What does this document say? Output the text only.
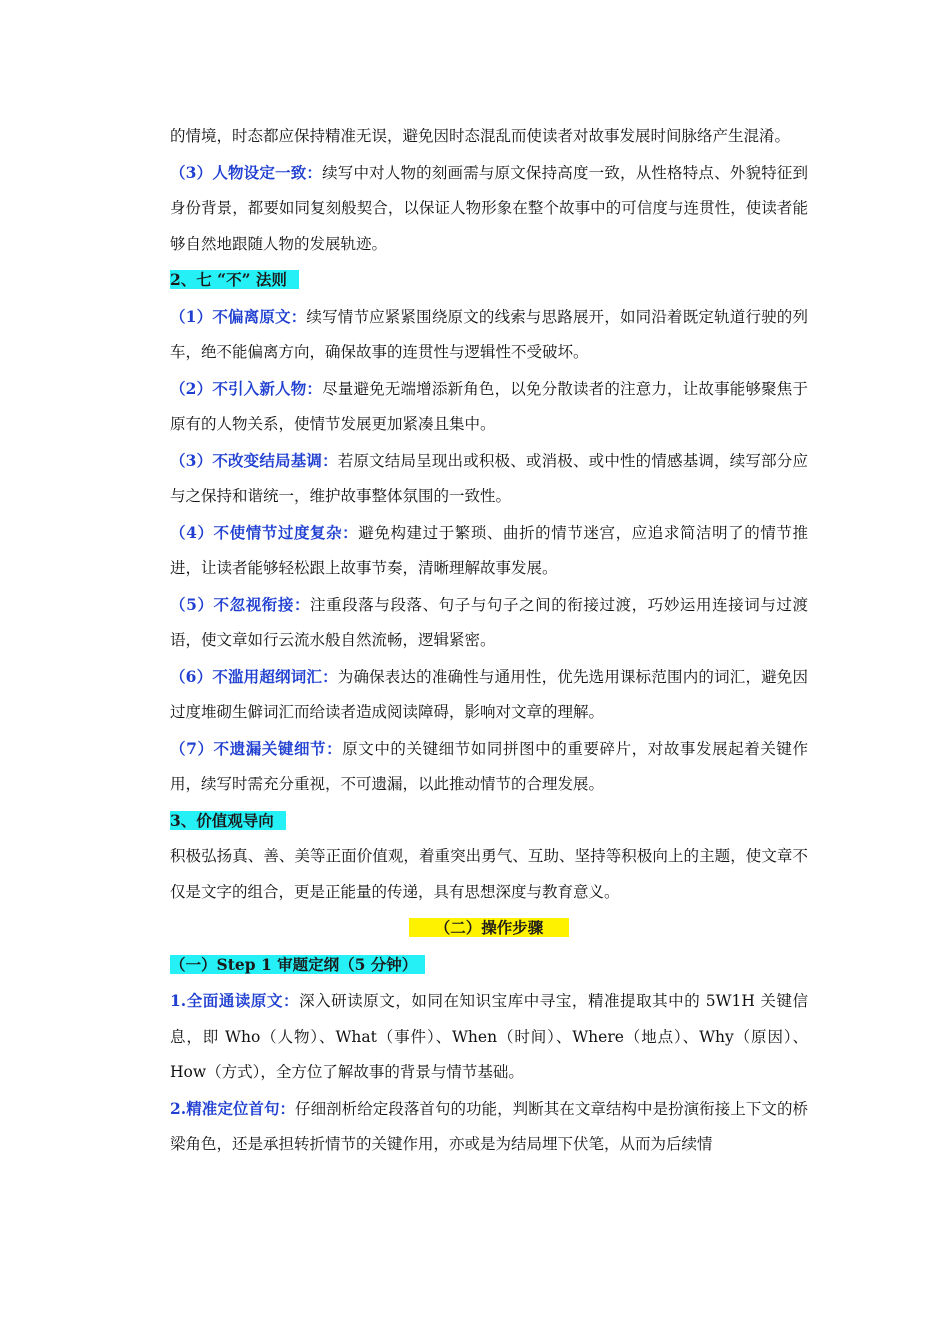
的情境，时态都应保持精准无误，避免因时态混乱而使读者对故事发展时间脉络产生混淆。

（3）人物设定一致：续写中对人物的刻画需与原文保持高度一致，从性格特点、外貌特征到身份背景，都要如同复刻般契合，以保证人物形象在整个故事中的可信度与连贯性，使读者能够自然地跟随人物的发展轨迹。

2、七 “不” 法则

（1）不偏离原文：续写情节应紧紧围绕原文的线索与思路展开，如同沿着既定轨道行驶的列车，绝不能偏离方向，确保故事的连贯性与逻辑性不受破坏。

（2）不引入新人物：尽量避免无端增添新角色，以免分散读者的注意力，让故事能够聚焦于原有的人物关系，使情节发展更加紧凑且集中。

（3）不改变结局基调：若原文结局呈现出或积极、或消极、或中性的情感基调，续写部分应与之保持和谐统一，维护故事整体氛围的一致性。

（4）不使情节过度复杂：避免构建过于繁琐、曲折的情节迷宫，应追求简洁明了的情节推进，让读者能够轻松跟上故事节奏，清晰理解故事发展。

（5）不忽视衔接：注重段落与段落、句子与句子之间的衔接过渡，巧妙运用连接词与过渡语，使文章如行云流水般自然流畅，逻辑紧密。

（6）不滥用超纲词汇：为确保表达的准确性与通用性，优先选用课标范围内的词汇，避免因过度堆砌生僻词汇而给读者造成阅读障碍，影响对文章的理解。

（7）不遗漏关键细节：原文中的关键细节如同拼图中的重要碎片，对故事发展起着关键作用，续写时需充分重视，不可遗漏，以此推动情节的合理发展。

3、价值观导向

积极弘扬真、善、美等正面价值观，着重突出勇气、互助、坚持等积极向上的主题，使文章不仅是文字的组合，更是正能量的传递，具有思想深度与教育意义。

（二）操作步骤

（一）Step 1 审题定纲（5 分钟）

1.全面通读原文：深入研读原文，如同在知识宝库中寻宝，精准提取其中的 5W1H 关键信息，即 Who（人物）、What（事件）、When（时间）、Where（地点）、Why（原因）、How（方式），全方位了解故事的背景与情节基础。

2.精准定位首句：仔细剖析给定段落首句的功能，判断其在文章结构中是扮演衔接上下文的桥梁角色，还是承担转折情节的关键作用，亦或是为结局埋下伏笔，从而为后续情
